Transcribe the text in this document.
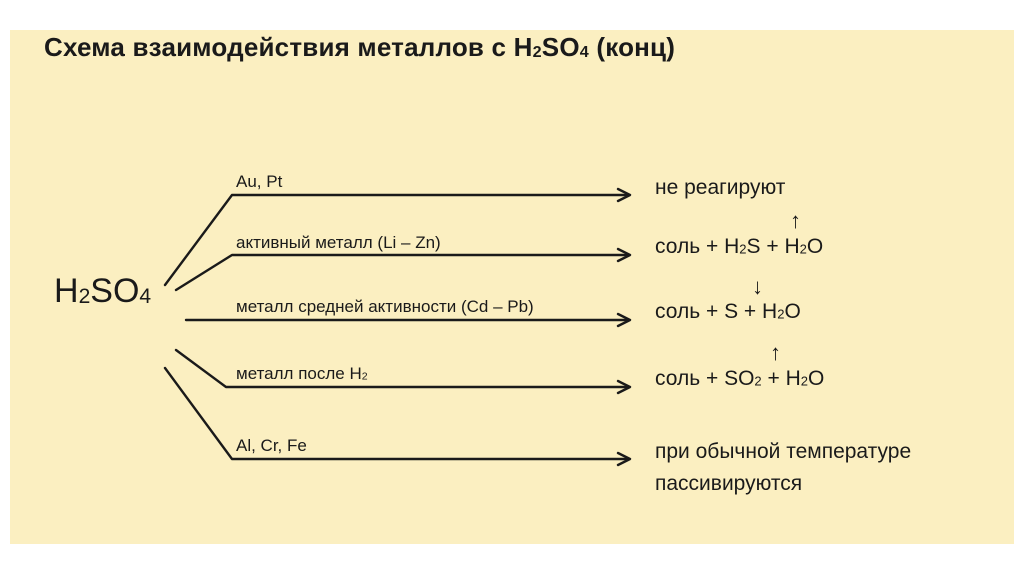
Схема взаимодействия металлов с H2SO4 (конц)
H2SO4
Au, Pt
активный металл (Li – Zn)
металл средней активности (Cd – Pb)
металл после H2
Al, Cr, Fe
не реагируют
↑
соль + H2S + H2O
↓
соль + S + H2O
↑
соль + SO2 + H2O
при обычной температуре
пассивируются
